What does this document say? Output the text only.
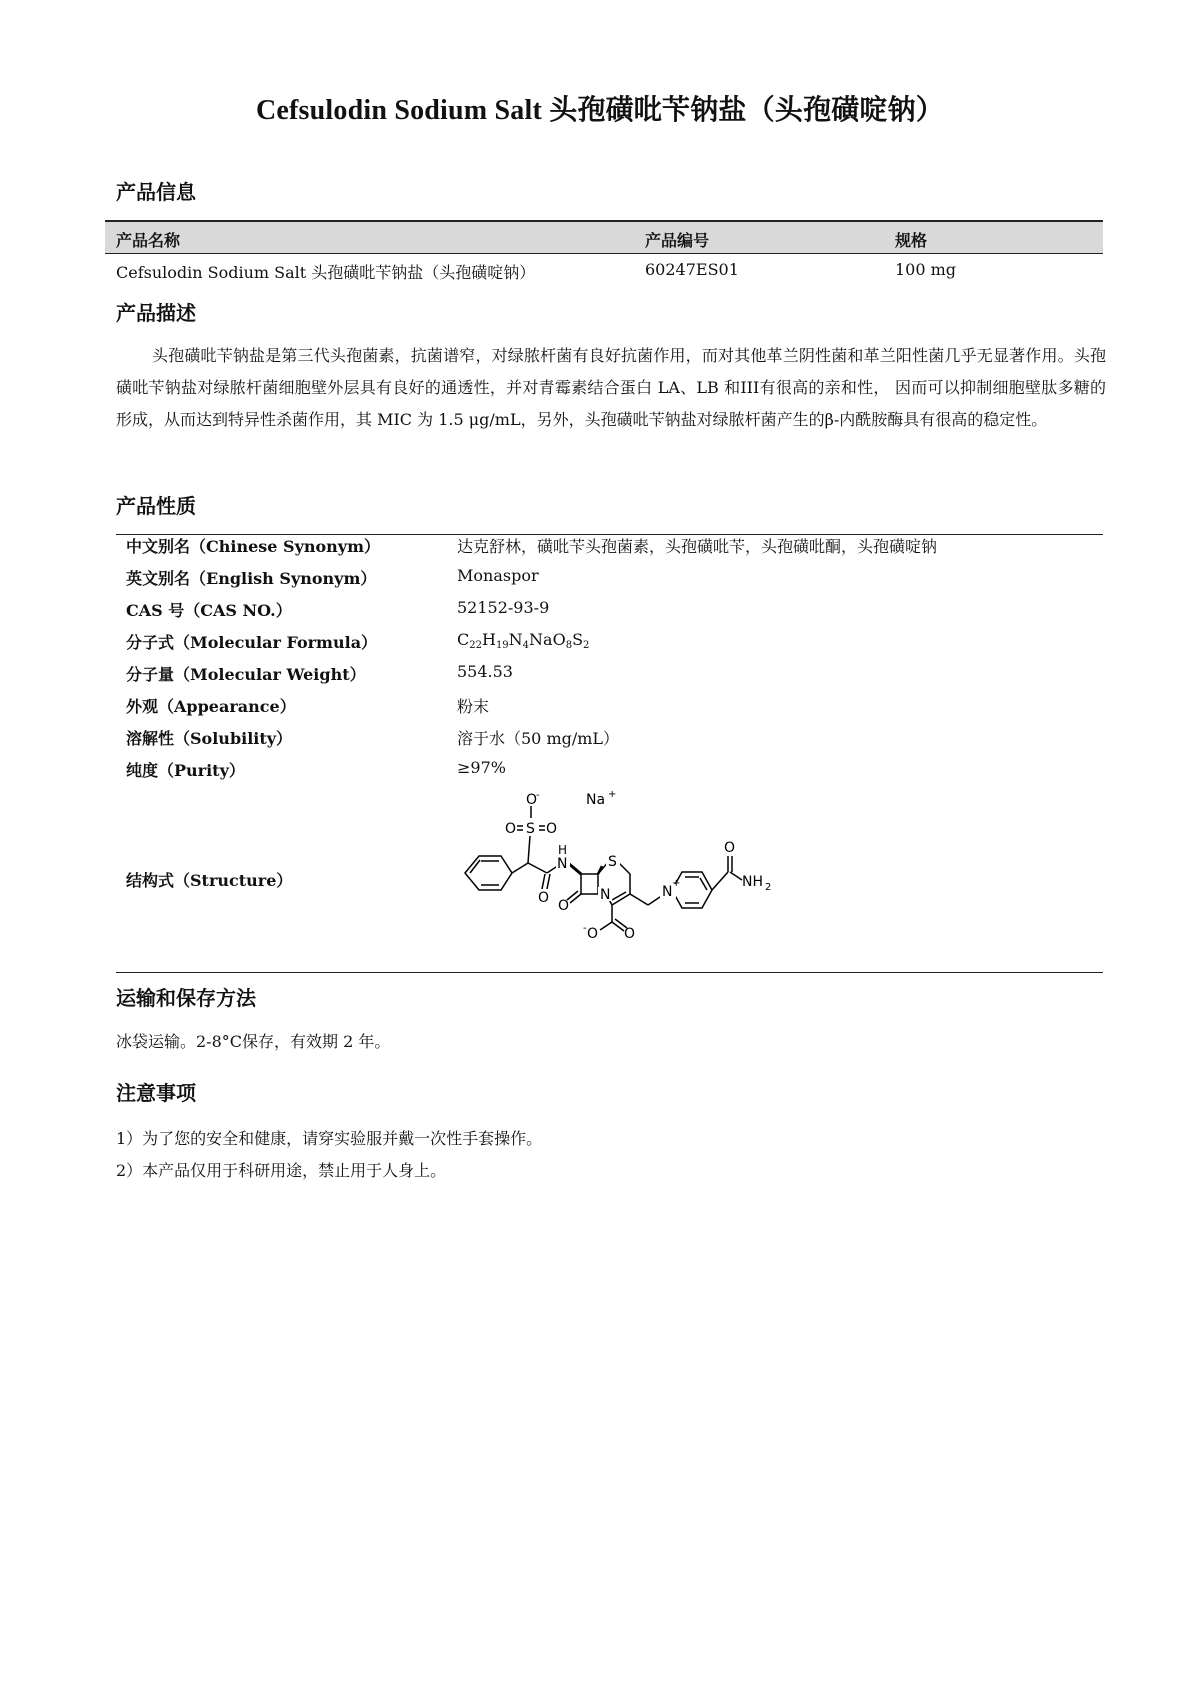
Cefsulodin Sodium Salt 头孢磺吡苄钠盐（头孢磺啶钠）
产品信息
产品名称	产品编号	规格
Cefsulodin Sodium Salt 头孢磺吡苄钠盐（头孢磺啶钠）	60247ES01	100 mg
产品描述
头孢磺吡苄钠盐是第三代头孢菌素，抗菌谱窄，对绿脓杆菌有良好抗菌作用，而对其他革兰阴性菌和革兰阳性菌几乎无显著作用。头孢磺吡苄钠盐对绿脓杆菌细胞壁外层具有良好的通透性，并对青霉素结合蛋白 LA、LB 和III有很高的亲和性， 因而可以抑制细胞壁肽多糖的形成，从而达到特异性杀菌作用，其 MIC 为 1.5 μg/mL，另外，头孢磺吡苄钠盐对绿脓杆菌产生的β-内酰胺酶具有很高的稳定性。
产品性质
中文别名（Chinese Synonym）	达克舒林，磺吡苄头孢菌素，头孢磺吡苄，头孢磺吡酮，头孢磺啶钠
英文别名（English Synonym）	Monaspor
CAS 号（CAS NO.）	52152-93-9
分子式（Molecular Formula）	$C_{22}H_{19}N_4NaO_8S_2$
分子量（Molecular Weight）	554.53
外观（Appearance）	粉末
溶解性（Solubility）	溶于水（50 mg/mL）
纯度（Purity）	≥97%
结构式（Structure）
O
-
O S O
Na +
N
H
O
S
N
O
N
+
O
NH 2
O
-	O
运输和保存方法
冰袋运输。2-8°C保存，有效期 2 年。
注意事项
1）为了您的安全和健康，请穿实验服并戴一次性手套操作。
2）本产品仅用于科研用途，禁止用于人身上。
